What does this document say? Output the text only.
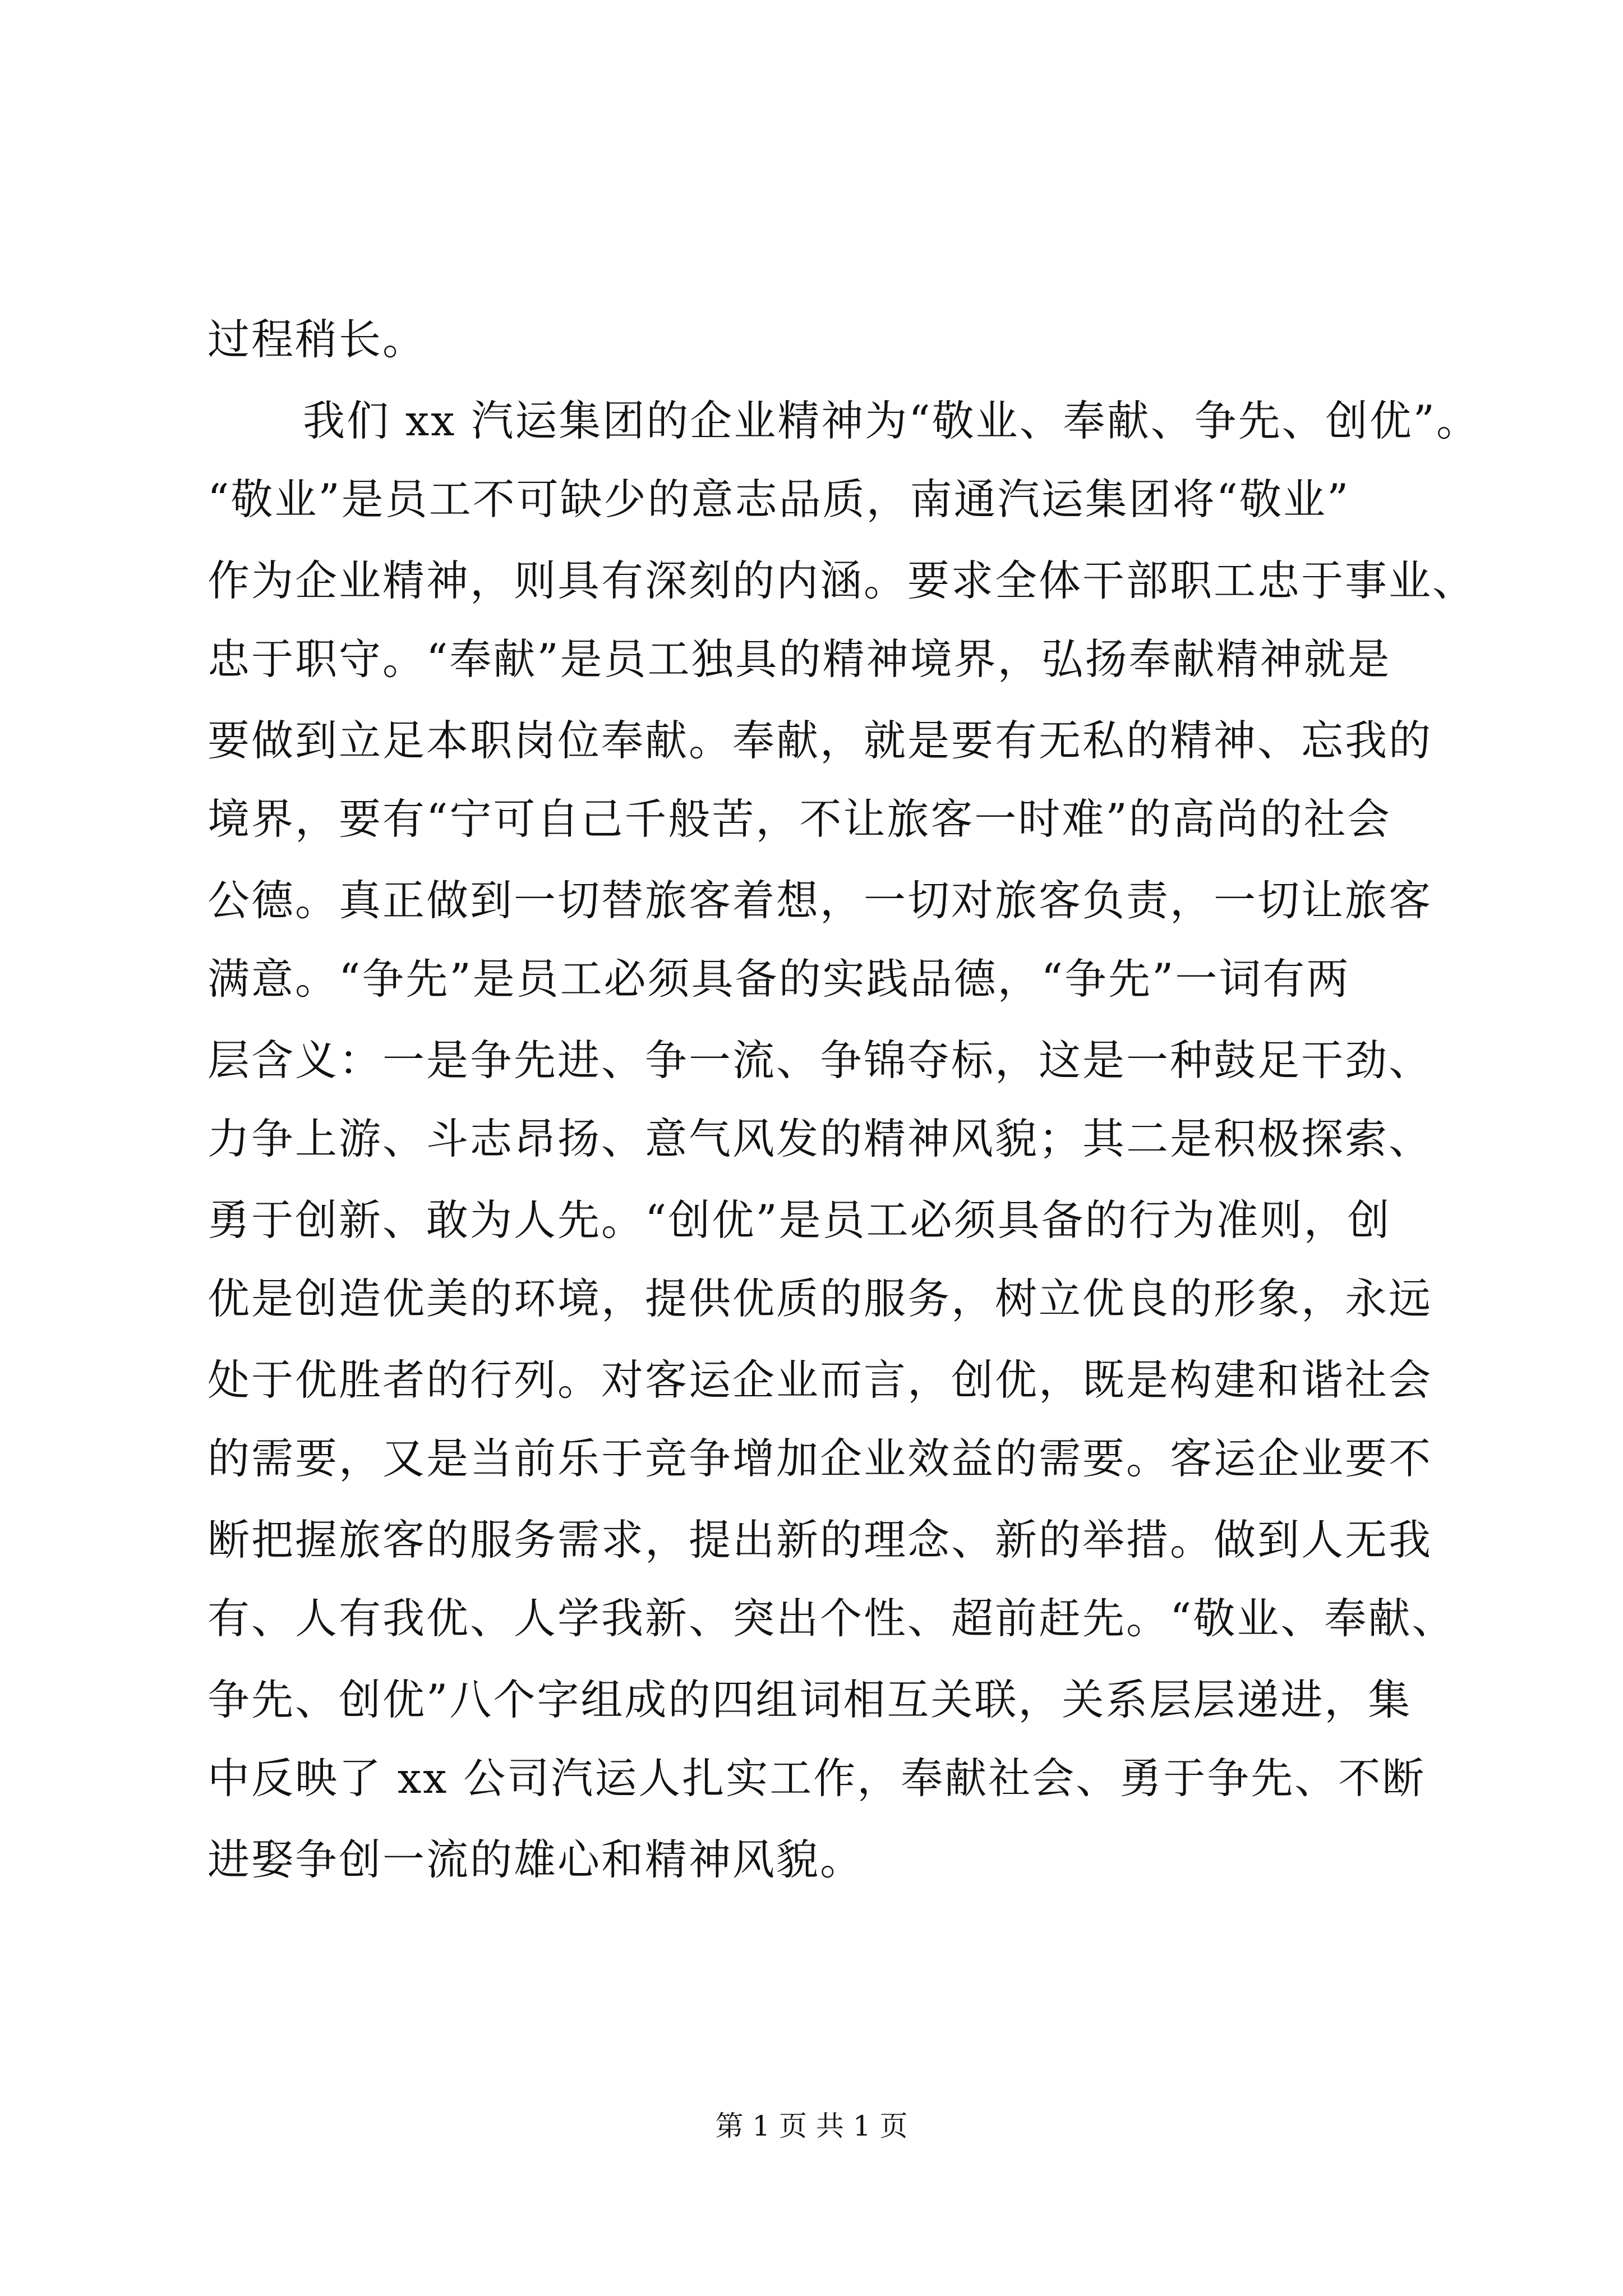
过程稍长。
我们 xx 汽运集团的企业精神为“敬业、奉献、争先、创优”。
“敬业”是员工不可缺少的意志品质，南通汽运集团将“敬业”
作为企业精神，则具有深刻的内涵。要求全体干部职工忠于事业、
忠于职守。“奉献”是员工独具的精神境界，弘扬奉献精神就是
要做到立足本职岗位奉献。奉献，就是要有无私的精神、忘我的
境界，要有“宁可自己千般苦，不让旅客一时难”的高尚的社会
公德。真正做到一切替旅客着想，一切对旅客负责，一切让旅客
满意。“争先”是员工必须具备的实践品德，“争先”一词有两
层含义：一是争先进、争一流、争锦夺标，这是一种鼓足干劲、
力争上游、斗志昂扬、意气风发的精神风貌；其二是积极探索、
勇于创新、敢为人先。“创优”是员工必须具备的行为准则，创
优是创造优美的环境，提供优质的服务，树立优良的形象，永远
处于优胜者的行列。对客运企业而言，创优，既是构建和谐社会
的需要，又是当前乐于竞争增加企业效益的需要。客运企业要不
断把握旅客的服务需求，提出新的理念、新的举措。做到人无我
有、人有我优、人学我新、突出个性、超前赶先。“敬业、奉献、
争先、创优”八个字组成的四组词相互关联，关系层层递进，集
中反映了 xx 公司汽运人扎实工作，奉献社会、勇于争先、不断
进娶争创一流的雄心和精神风貌。
第 1 页 共 1 页
